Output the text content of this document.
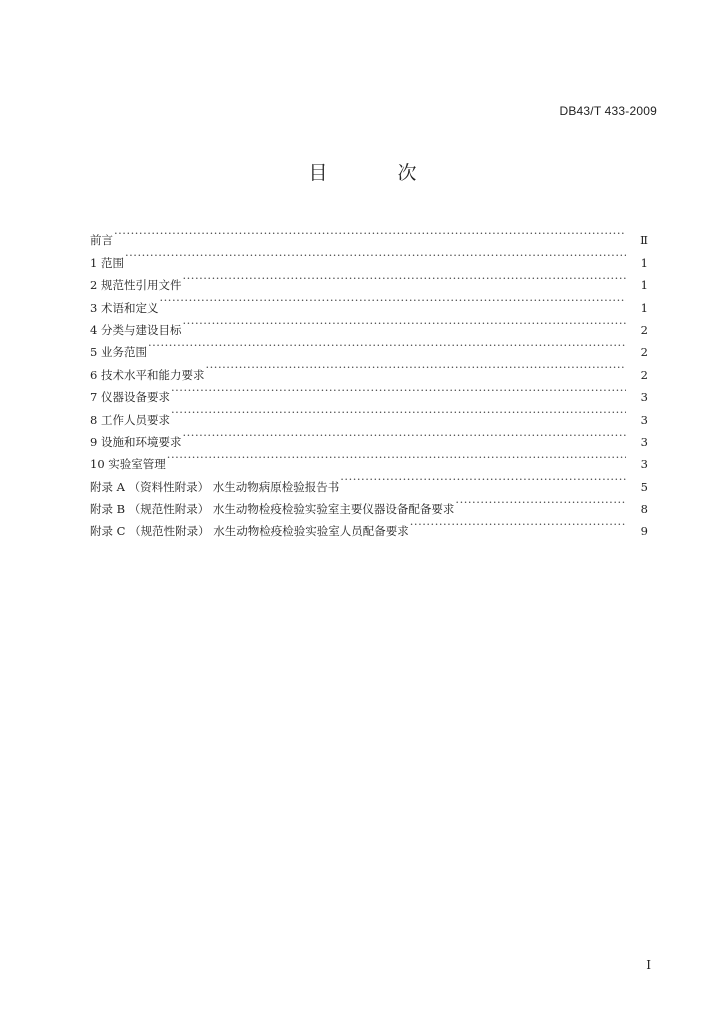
DB43/T 433-2009
目 次
前言 ·····	Ⅱ
1 范围 ·····	1
2 规范性引用文件 ·····	1
3 术语和定义 ·····	1
4 分类与建设目标 ·····	2
5 业务范围 ·····	2
6 技术水平和能力要求 ·····	2
7 仪器设备要求 ·····	3
8 工作人员要求 ·····	3
9 设施和环境要求 ·····	3
10 实验室管理 ·····	3
附录 A （资料性附录） 水生动物病原检验报告书 ·····	5
附录 B （规范性附录） 水生动物检疫检验实验室主要仪器设备配备要求 ·····	8
附录 C （规范性附录） 水生动物检疫检验实验室人员配备要求 ·····	9
I
